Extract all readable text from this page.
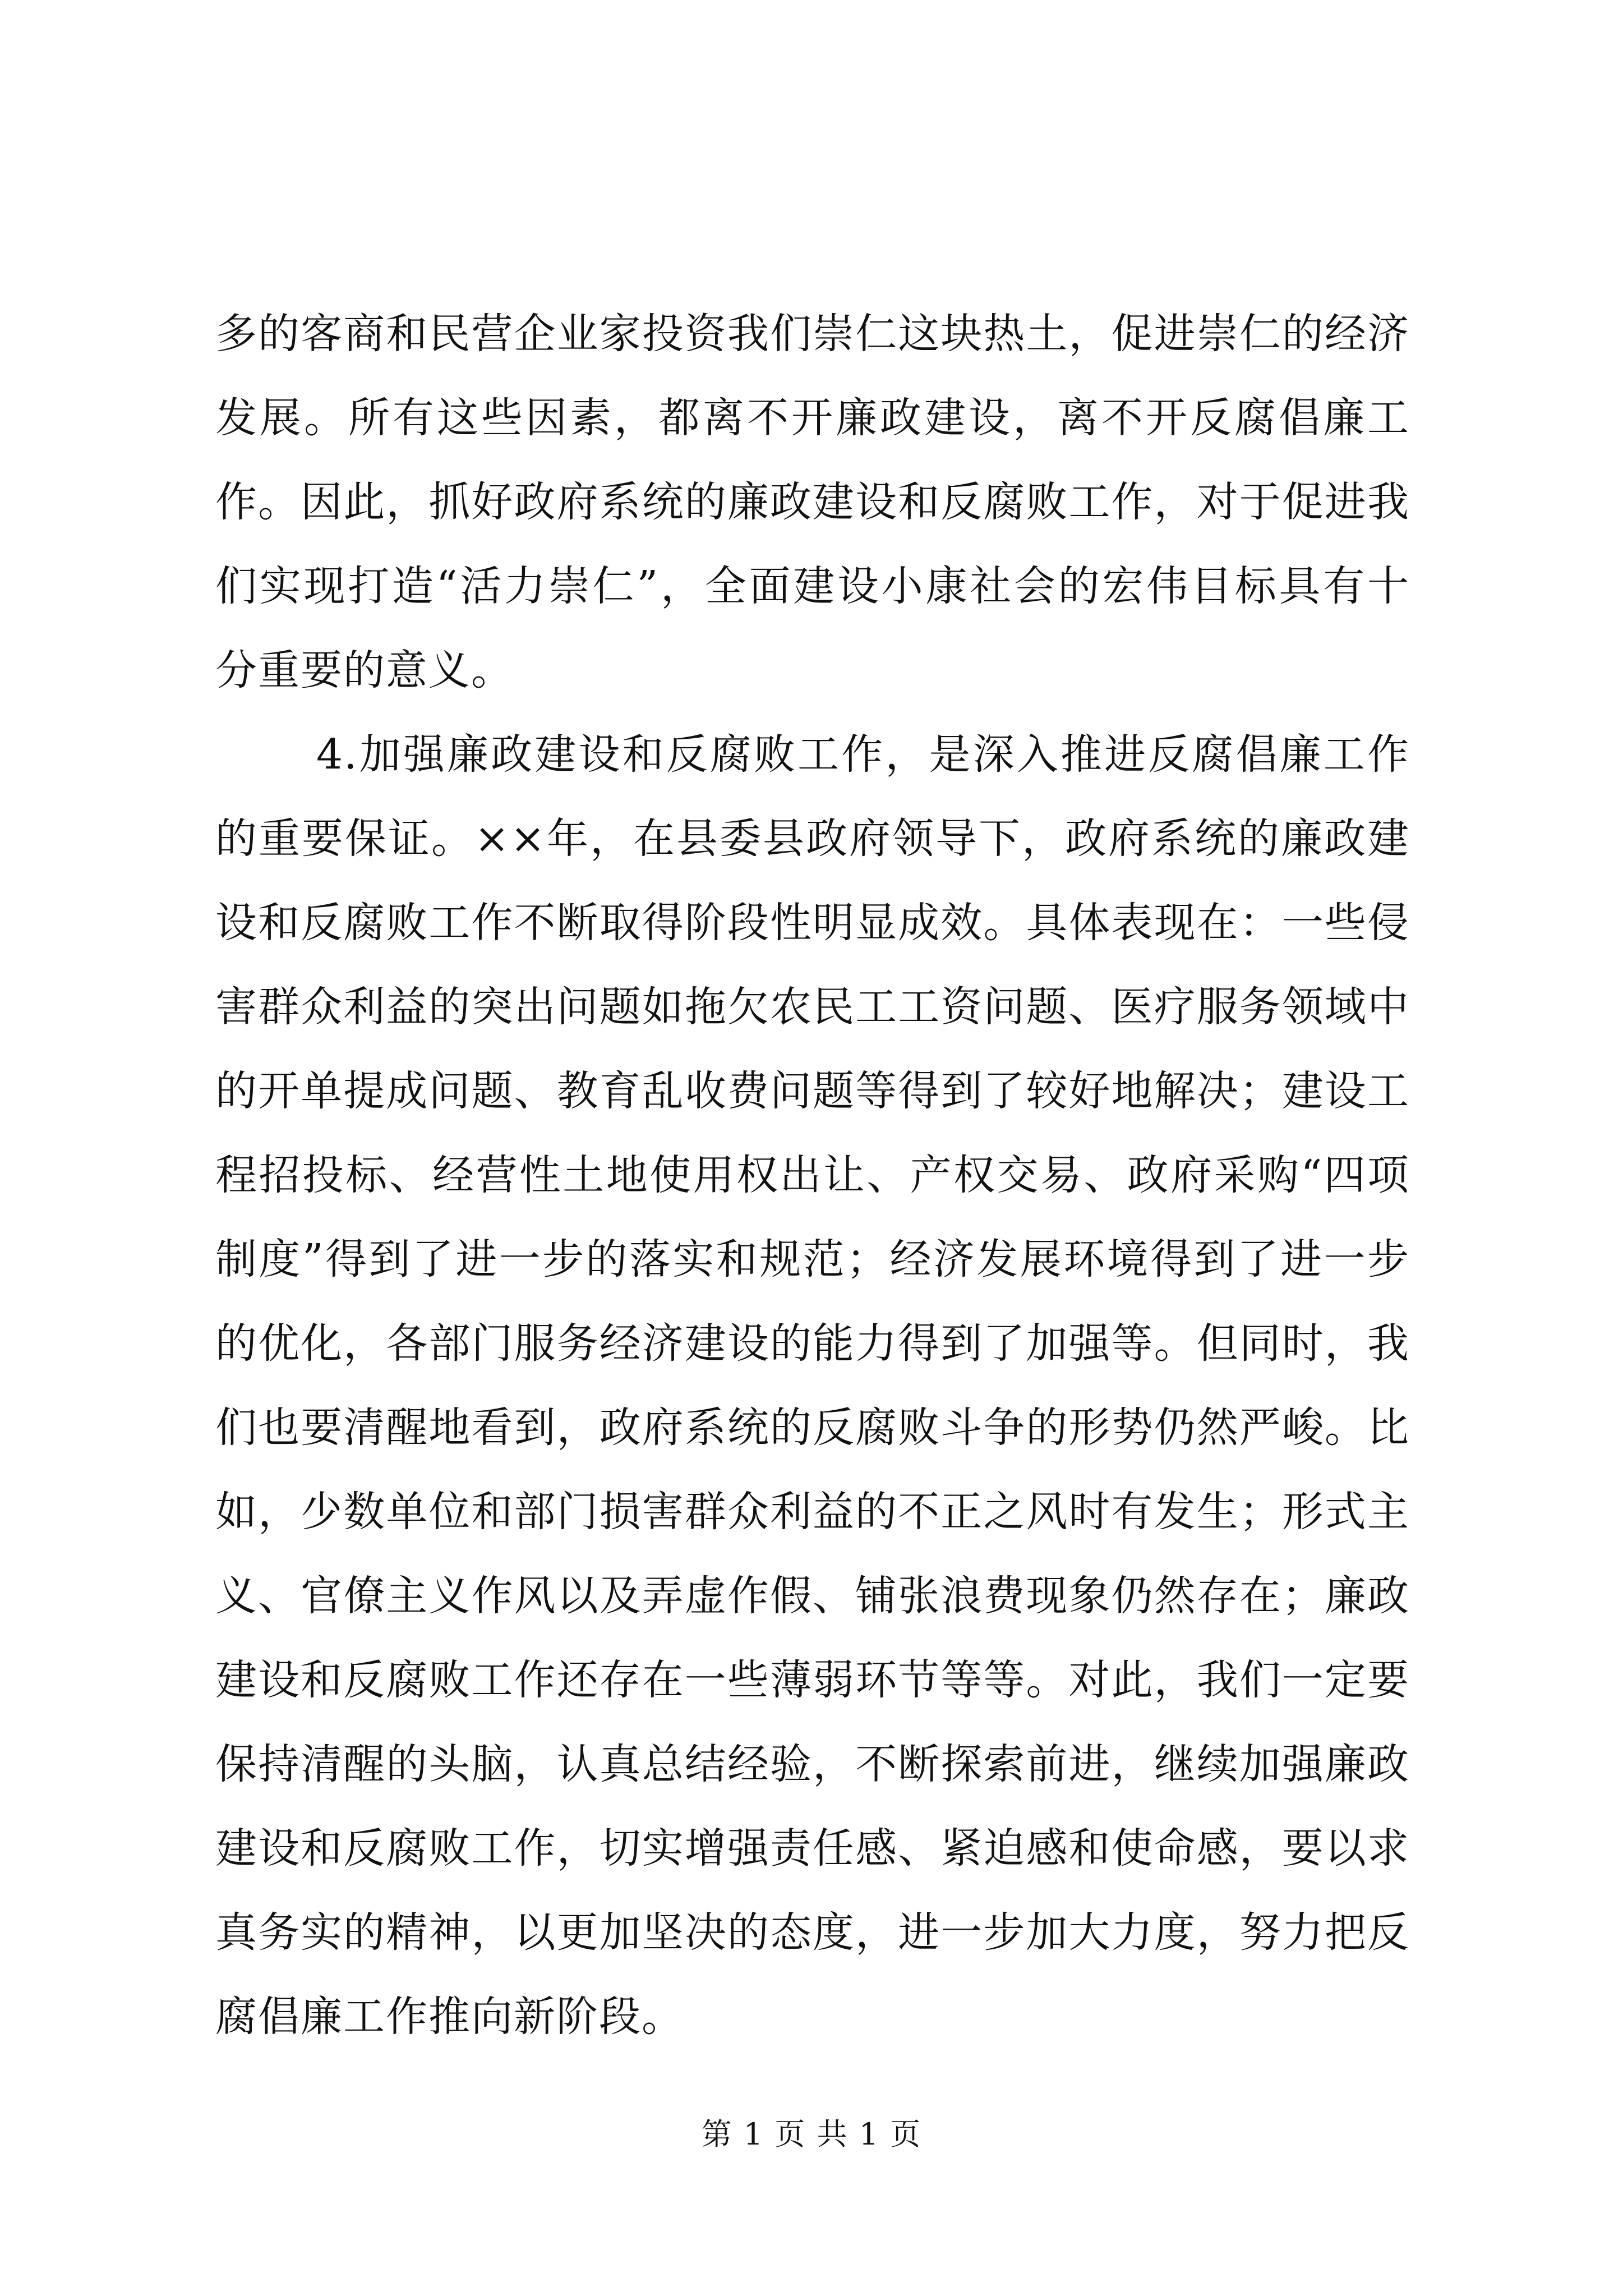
多的客商和民营企业家投资我们崇仁这块热土，促进崇仁的经济发展。所有这些因素，都离不开廉政建设，离不开反腐倡廉工作。因此，抓好政府系统的廉政建设和反腐败工作，对于促进我们实现打造“活力崇仁”，全面建设小康社会的宏伟目标具有十分重要的意义。

4.加强廉政建设和反腐败工作，是深入推进反腐倡廉工作的重要保证。××年，在县委县政府领导下，政府系统的廉政建设和反腐败工作不断取得阶段性明显成效。具体表现在：一些侵害群众利益的突出问题如拖欠农民工工资问题、医疗服务领域中的开单提成问题、教育乱收费问题等得到了较好地解决；建设工程招投标、经营性土地使用权出让、产权交易、政府采购“四项制度”得到了进一步的落实和规范；经济发展环境得到了进一步的优化，各部门服务经济建设的能力得到了加强等。但同时，我们也要清醒地看到，政府系统的反腐败斗争的形势仍然严峻。比如，少数单位和部门损害群众利益的不正之风时有发生；形式主义、官僚主义作风以及弄虚作假、铺张浪费现象仍然存在；廉政建设和反腐败工作还存在一些薄弱环节等等。对此，我们一定要保持清醒的头脑，认真总结经验，不断探索前进，继续加强廉政建设和反腐败工作，切实增强责任感、紧迫感和使命感，要以求真务实的精神，以更加坚决的态度，进一步加大力度，努力把反腐倡廉工作推向新阶段。

第 1 页 共 1 页
